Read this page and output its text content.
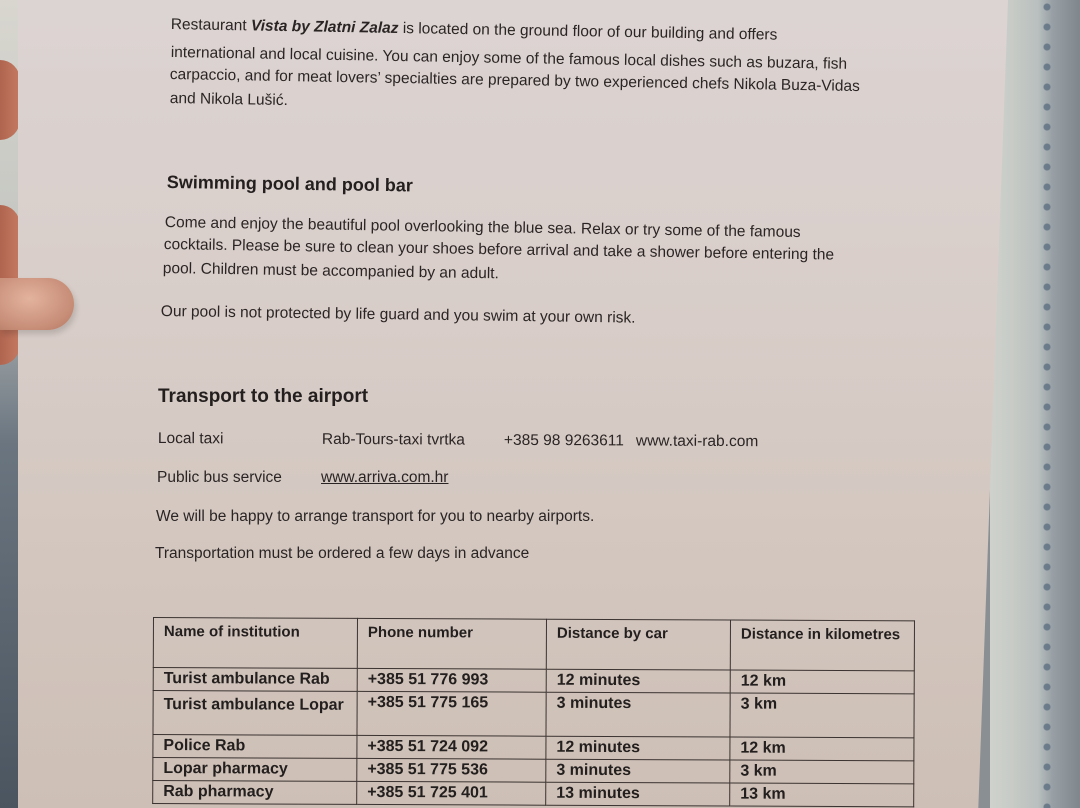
Restaurant Vista by Zlatni Zalaz is located on the ground floor of our building and offers

international and local cuisine. You can enjoy some of the famous local dishes such as buzara, fish

carpaccio, and for meat lovers’ specialties are prepared by two experienced chefs Nikola Buza-Vidas

and Nikola Lušić.

Swimming pool and pool bar

Come and enjoy the beautiful pool overlooking the blue sea. Relax or try some of the famous

cocktails. Please be sure to clean your shoes before arrival and take a shower before entering the

pool. Children must be accompanied by an adult.

Our pool is not protected by life guard and you swim at your own risk.

Transport to the airport
Local taxi	Rab-Tours-taxi tvrtka	+385 98 9263611 www.taxi-rab.com
Public bus service	www.arriva.com.hr

We will be happy to arrange transport for you to nearby airports.

Transportation must be ordered a few days in advance

Name of institution	Phone number	Distance by car	Distance in kilometres
Turist ambulance Rab	+385 51 776 993	12 minutes	12 km
Turist ambulance Lopar	+385 51 775 165	3 minutes	3 km
Police Rab	+385 51 724 092	12 minutes	12 km
Lopar pharmacy	+385 51 775 536	3 minutes	3 km
Rab pharmacy	+385 51 725 401	13 minutes	13 km
